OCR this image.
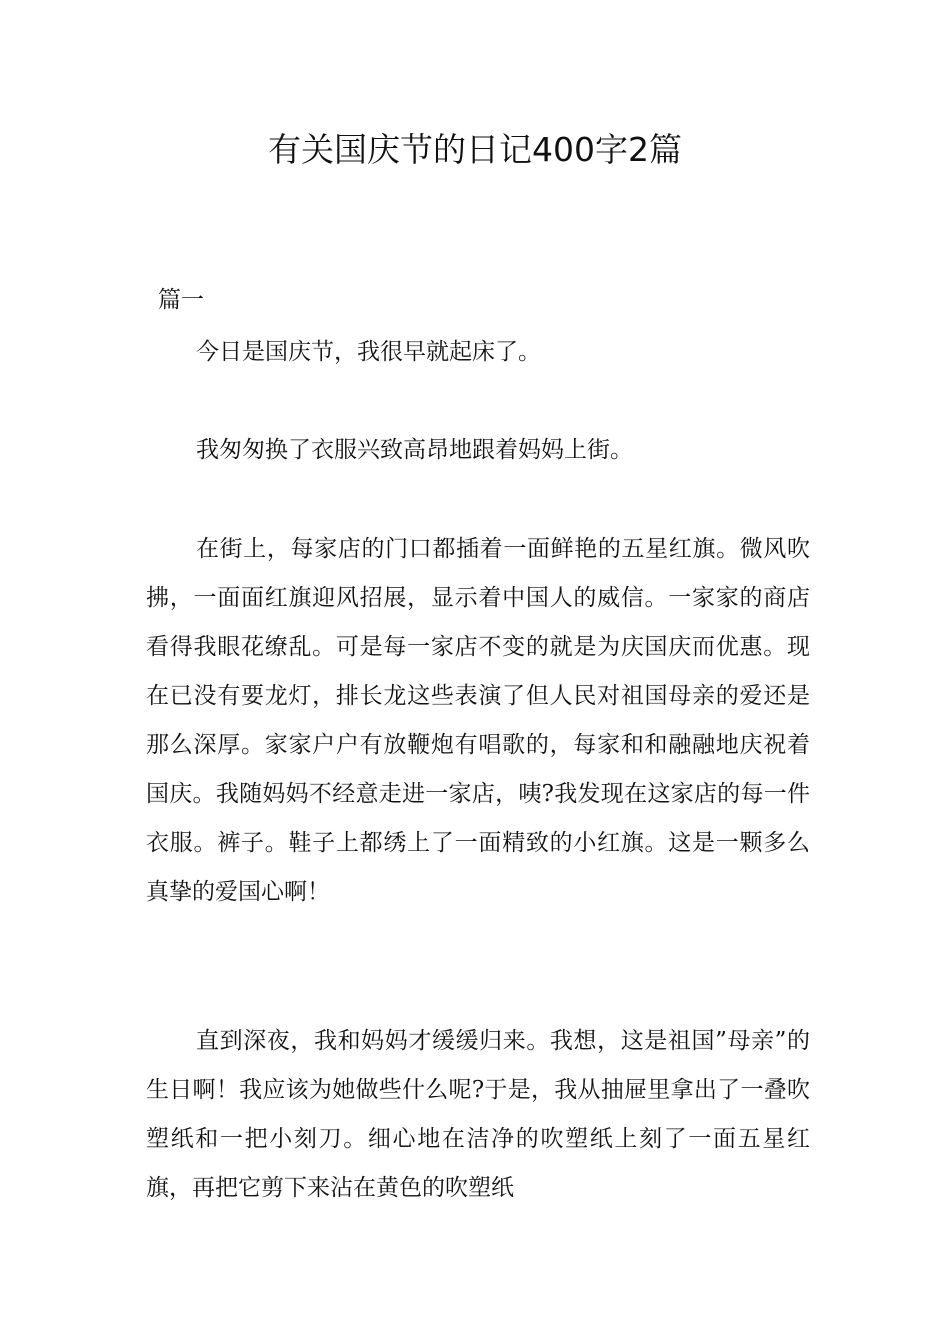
有关国庆节的日记400字2篇
篇一

今日是国庆节，我很早就起床了。

我匆匆换了衣服兴致高昂地跟着妈妈上街。

在街上，每家店的门口都插着一面鲜艳的五星红旗。微风吹拂，一面面红旗迎风招展，显示着中国人的威信。一家家的商店看得我眼花缭乱。可是每一家店不变的就是为庆国庆而优惠。现在已没有要龙灯，排长龙这些表演了但人民对祖国母亲的爱还是那么深厚。家家户户有放鞭炮有唱歌的，每家和和融融地庆祝着国庆。我随妈妈不经意走进一家店，咦?我发现在这家店的每一件衣服。裤子。鞋子上都绣上了一面精致的小红旗。这是一颗多么真挚的爱国心啊！

直到深夜，我和妈妈才缓缓归来。我想，这是祖国”母亲”的生日啊！我应该为她做些什么呢?于是，我从抽屉里拿出了一叠吹塑纸和一把小刻刀。细心地在洁净的吹塑纸上刻了一面五星红旗，再把它剪下来沾在黄色的吹塑纸
